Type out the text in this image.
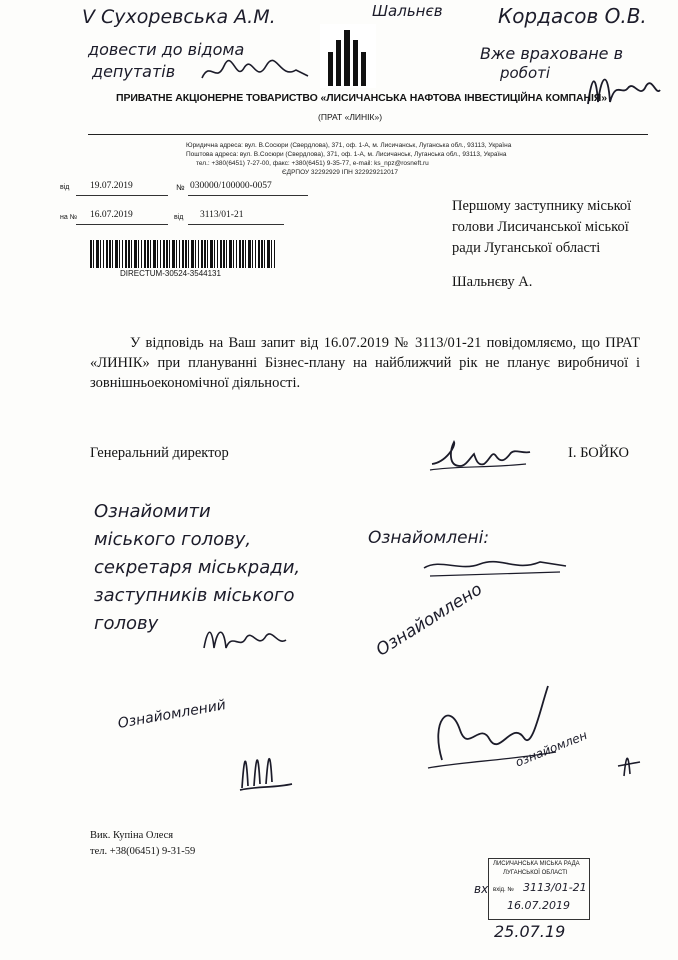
V Сухоревська А.М.
довести до відома
депутатів
Шальнєв	Кордасов О.В.
Вже враховане в
роботі
ПРИВАТНЕ АКЦІОНЕРНЕ ТОВАРИСТВО «ЛИСИЧАНСЬКА НАФТОВА ІНВЕСТИЦІЙНА КОМПАНІЯ»
(ПРАТ «ЛИНІК»)
Юридична адреса: вул. В.Сосюри (Свердлова), 371, оф. 1-А, м. Лисичанськ, Луганська обл., 93113, Україна
Поштова адреса: вул. В.Сосюри (Свердлова), 371, оф. 1-А, м. Лисичанськ, Луганська обл., 93113, Україна
тел.: +380(6451) 7-27-00, факс: +380(6451) 9-35-77, e-mail: ks_npz@rosneft.ru
ЄДРПОУ 32292929 ІПН 322929212017
від 19.07.2019	№ 030000/100000-0057
на № 16.07.2019	від 3113/01-21
DIRECTUM-30524-3544131
Першому заступнику міської
голови Лисичанської міської
ради Луганської області
Шальнєву А.
У відповідь на Ваш запит від 16.07.2019 № 3113/01-21 повідомляємо, що ПРАТ «ЛИНІК» при плануванні Бізнес-плану на найближчий рік не планує виробничої і зовнішньоекономічної діяльності.
Генеральний директор	І. БОЙКО
Ознайомити
міського голову,
секретаря міськради,
заступників міського
голову
Ознайомлені:
Ознайомлений
Ознайомлено
ознайомлен
Вик. Купіна Олеся
тел. +38(06451) 9-31-59
ЛИСИЧАНСЬКА МІСЬКА РАДА
ЛУГАНСЬКОЇ ОБЛАСТІ
вхід. № 3113/01-21
16.07.2019
вх
25.07.19
